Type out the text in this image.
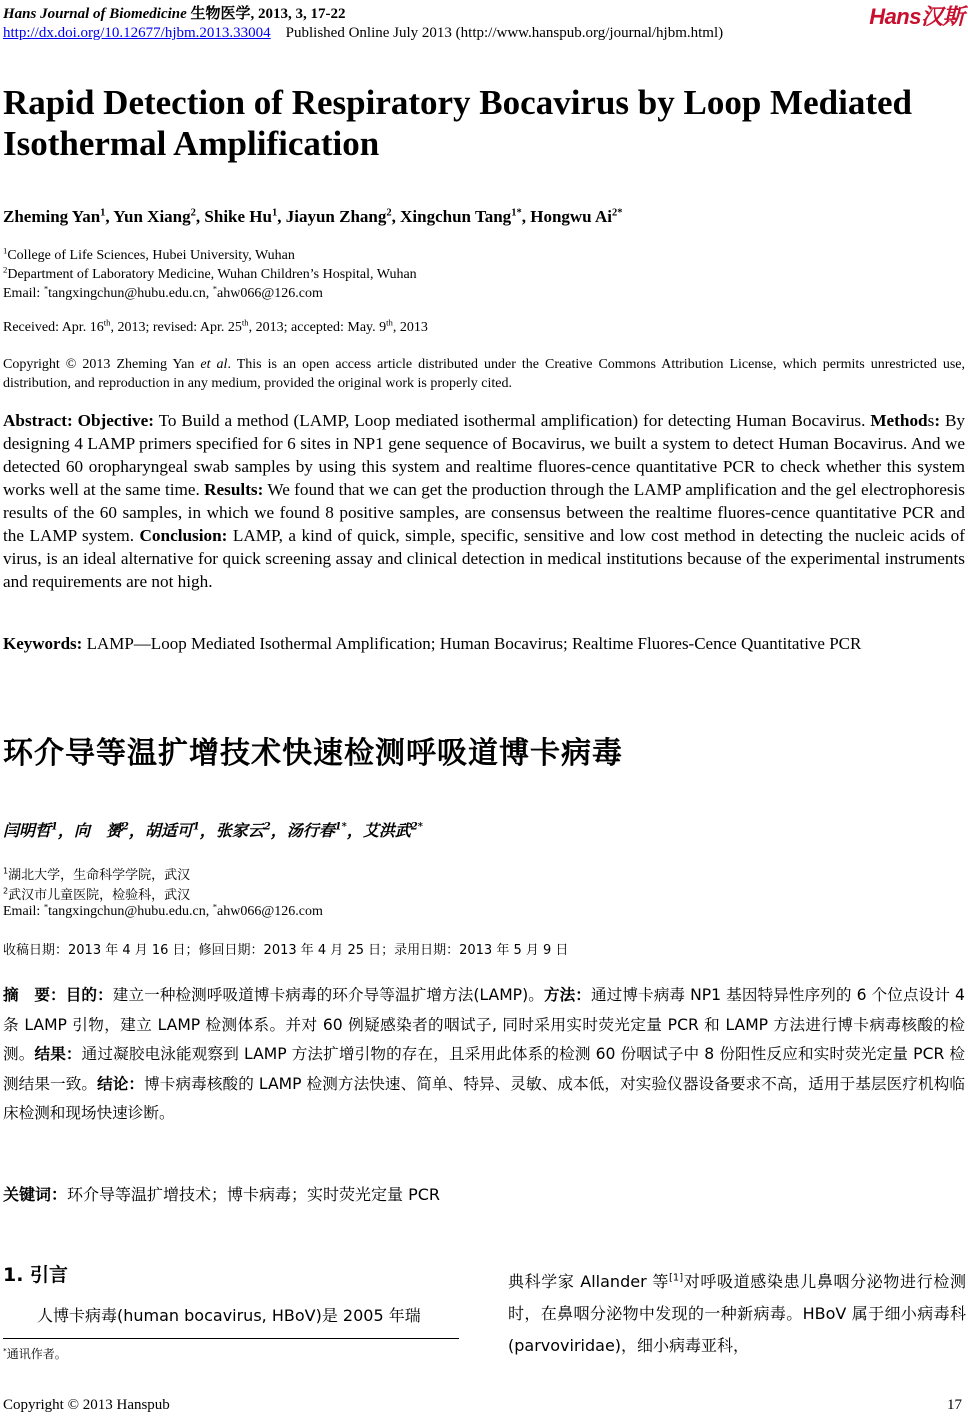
Hans Journal of Biomedicine 生物医学, 2013, 3, 17-22
http://dx.doi.org/10.12677/hjbm.2013.33004 Published Online July 2013 (http://www.hanspub.org/journal/hjbm.html)
Hans汉斯
Rapid Detection of Respiratory Bocavirus by Loop Mediated Isothermal Amplification
Zheming Yan$^1$, Yun Xiang$^2$, Shike Hu$^1$, Jiayun Zhang$^2$, Xingchun Tang$^{1*}$, Hongwu $Ai^{2*}$
$^1$College of Life Sciences, Hubei University, Wuhan
$^2$Department of Laboratory Medicine, Wuhan Children’s Hospital, Wuhan
Email: *tangxingchun@hubu.edu.cn, *ahw066@126.com
Received: Apr. 16th, 2013; revised: Apr. 25th, 2013; accepted: May. 9th, 2013
Copyright © 2013 Zheming Yan et al. This is an open access article distributed under the Creative Commons Attribution License, which permits unrestricted use, distribution, and reproduction in any medium, provided the original work is properly cited.
Abstract: Objective: To Build a method (LAMP, Loop mediated isothermal amplification) for detecting Human Bocavirus. Methods: By designing 4 LAMP primers specified for 6 sites in NP1 gene sequence of Bocavirus, we built a system to detect Human Bocavirus. And we detected 60 oropharyngeal swab samples by using this system and realtime fluores-cence quantitative PCR to check whether this system works well at the same time. Results: We found that we can get the production through the LAMP amplification and the gel electrophoresis results of the 60 samples, in which we found 8 positive samples, are consensus between the realtime fluores-cence quantitative PCR and the LAMP system. Conclusion: LAMP, a kind of quick, simple, specific, sensitive and low cost method in detecting the nucleic acids of virus, is an ideal alternative for quick screening assay and clinical detection in medical institutions because of the experimental instruments and requirements are not high.
Keywords: LAMP—Loop Mediated Isothermal Amplification; Human Bocavirus; Realtime Fluores-Cence Quantitative PCR
环介导等温扩增技术快速检测呼吸道博卡病毒
闫明哲$^1$，向　赟$^2$，胡适可$^1$，张家云$^2$，汤行春$^{1*}$，艾洪武$^{2*}$
$^1$湖北大学，生命科学学院，武汉
$^2$武汉市儿童医院，检验科，武汉
Email: *tangxingchun@hubu.edu.cn, *ahw066@126.com
收稿日期：2013 年 4 月 16 日；修回日期：2013 年 4 月 25 日；录用日期：2013 年 5 月 9 日
摘　要：目的：建立一种检测呼吸道博卡病毒的环介导等温扩增方法(LAMP)。方法：通过博卡病毒 NP1 基因特异性序列的 6 个位点设计 4 条 LAMP 引物，建立 LAMP 检测体系。并对 60 例疑感染者的咽试子, 同时采用实时荧光定量 PCR 和 LAMP 方法进行博卡病毒核酸的检测。结果：通过凝胶电泳能观察到 LAMP 方法扩增引物的存在，且采用此体系的检测 60 份咽试子中 8 份阳性反应和实时荧光定量 PCR 检测结果一致。结论：博卡病毒核酸的 LAMP 检测方法快速、简单、特异、灵敏、成本低，对实验仪器设备要求不高，适用于基层医疗机构临床检测和现场快速诊断。
关键词：环介导等温扩增技术；博卡病毒；实时荧光定量 PCR
1. 引言
人博卡病毒(human bocavirus, HBoV)是 2005 年瑞
典科学家 Allander 等[1]对呼吸道感染患儿鼻咽分泌物进行检测时，在鼻咽分泌物中发现的一种新病毒。HBoV 属于细小病毒科(parvoviridae)，细小病毒亚科，
*通讯作者。
Copyright © 2013 Hanspub	17
